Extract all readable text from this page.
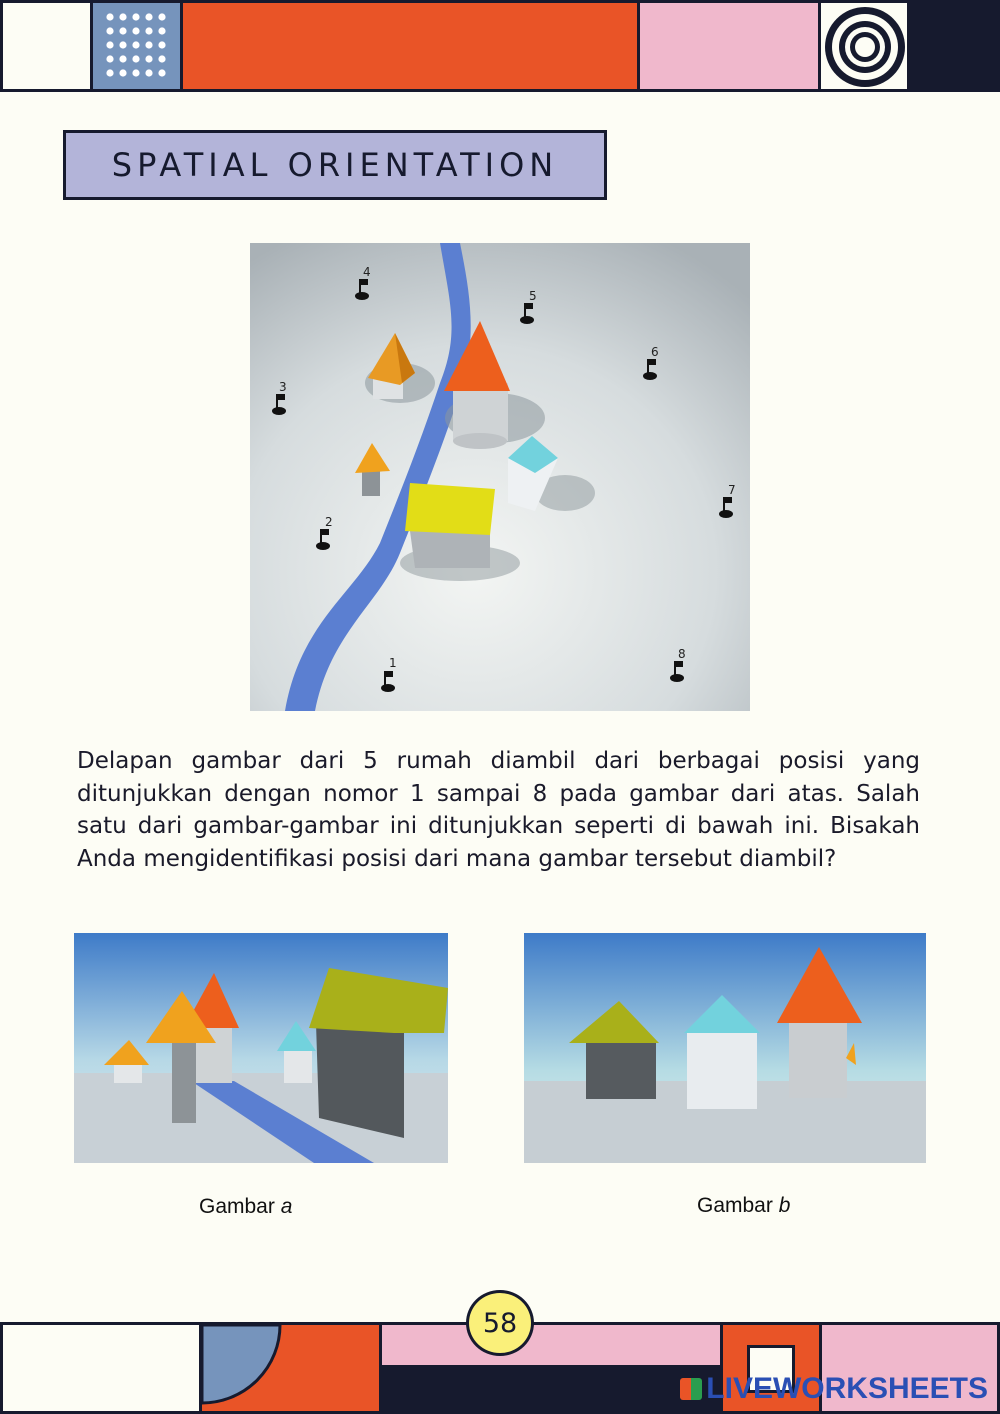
SPATIAL ORIENTATION
1
2
3
4
5
6
7
8
Delapan gambar dari 5 rumah diambil dari berbagai posisi yang ditunjukkan dengan nomor 1 sampai 8 pada gambar dari atas. Salah satu dari gambar-gambar ini ditunjukkan seperti di bawah ini. Bisakah Anda mengidentifikasi posisi dari mana gambar tersebut diambil?
Gambar a	Gambar b
58
LIVEWORKSHEETS
